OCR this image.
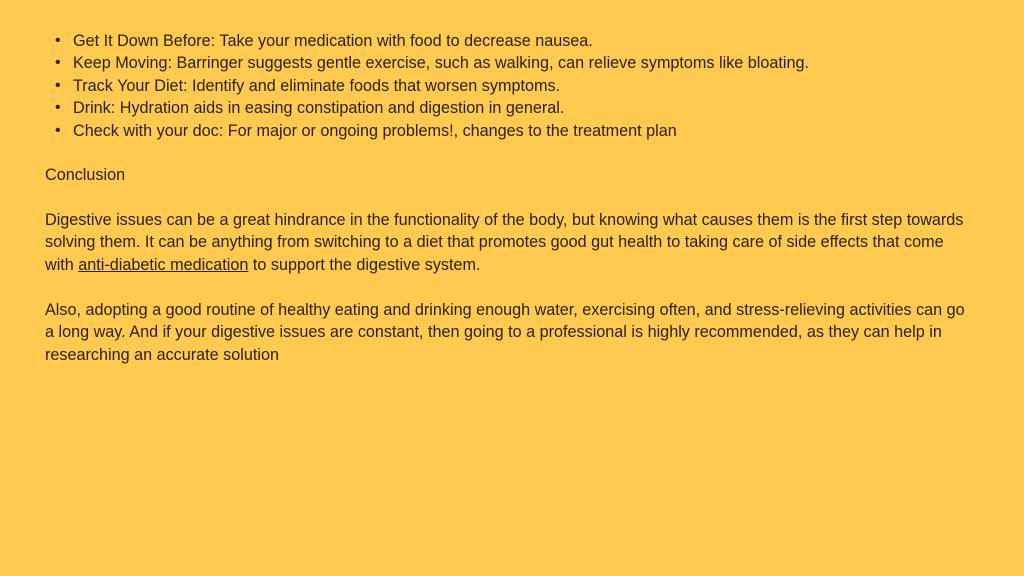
• Get It Down Before: Take your medication with food to decrease nausea.
• Keep Moving: Barringer suggests gentle exercise, such as walking, can relieve symptoms like bloating.
• Track Your Diet: Identify and eliminate foods that worsen symptoms.
• Drink: Hydration aids in easing constipation and digestion in general.
• Check with your doc: For major or ongoing problems!, changes to the treatment plan
Conclusion

Digestive issues can be a great hindrance in the functionality of the body, but knowing what causes them is the first step towards solving them. It can be anything from switching to a diet that promotes good gut health to taking care of side effects that come with anti-diabetic medication to support the digestive system.

Also, adopting a good routine of healthy eating and drinking enough water, exercising often, and stress-relieving activities can go a long way. And if your digestive issues are constant, then going to a professional is highly recommended, as they can help in researching an accurate solution
